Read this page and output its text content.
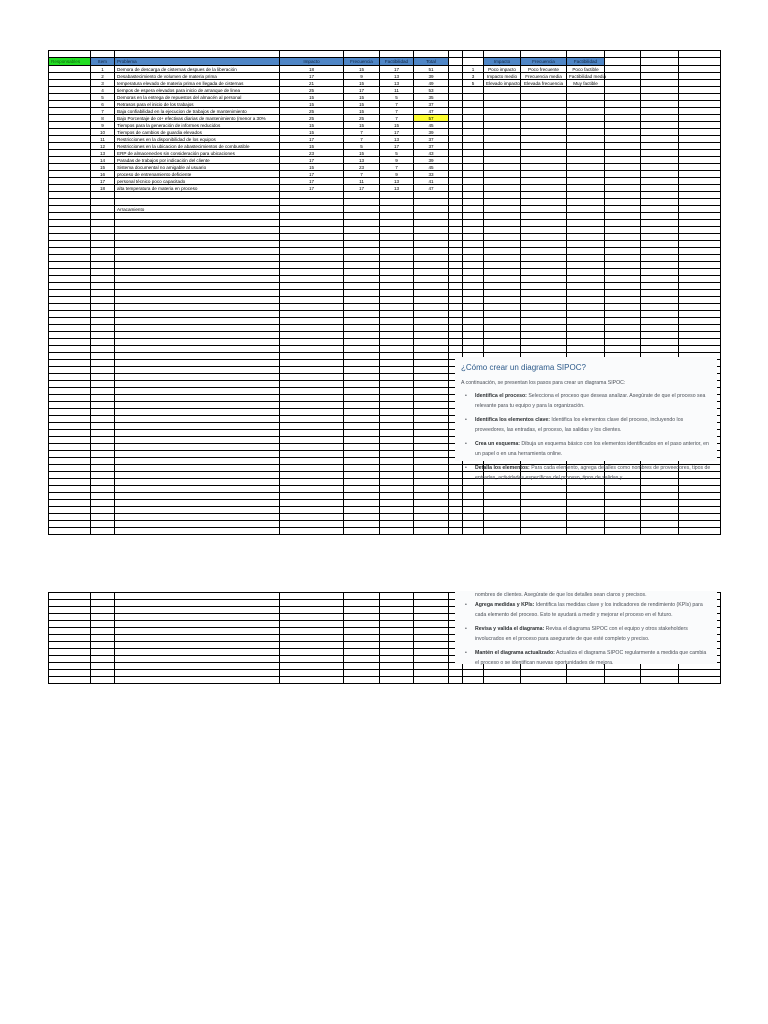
Responsables	Item	Problema	Impacto	Frecuencia	Factibilidad	Total			Impacto	Frecuencia	Factibilidad			
	1	Demora de descarga de cisternas despues de la liberación	18	15	17	51		1	Poco impacto	Poco frecuente	Poco factible			
	2	Desabastecimiento de volumen de materia prima	17	9	13	39		3	Impacto medio	Frecuencia media	Factibilidad media			
	3	temperatura elevado de materia prima en llegada de cisternas	21	15	13	49		5	Elevado impacto	Elevada frecuencia	Muy factible			
	4	tiempos de espera elevados para inicio de arranque de linea	25	17	11	53								
	5	Demoras en la entrega de repuestos del almacén al personal	15	15	5	35								
	6	Retrasos para el inicio de los trabajos	15	15	7	37								
	7	Baja confiabilidad en la ejecucion de trabajos de mantenimiento	25	15	7	47								
	8	Bajo Porcentaje de ot+ efectivas diarias de mantenimiento (menor a 30%	25	25	7	57								
	9	Tiempos para la generación de informes reducidos	15	15	15	45								
	10	Tiempos de cambios de guardia elevados	15	7	17	39								
	11	Restricciones en la disponibilidad de los equipos	17	7	13	37								
	12	Restricciones en la ubicacion de abastecimientos de combustible	15	5	17	37								
	13	ERP de almacenecles sin consideración para ubicaciones	23	15	5	43								
	14	Paradas de trabajos por indicación del cliente	17	13	9	39								
	15	Sistema documental no amigable al usuario	15	23	7	45								
	16	proceso de entrenamiento deficiente	17	7	9	33								
	17	personal técnico poco capacitado	17	11	13	41								
	18	alta temperatura de materia en proceso	17	17	13	47								

		Arracamiento												

¿Cómo crear un diagrama SIPOC?
A continuación, se presentan los pasos para crear un diagrama SIPOC:
• Identifica el proceso: Selecciona el proceso que deseas analizar. Asegúrate de que el proceso sea relevante para tu equipo y para la organización.
• Identifica los elementos clave: Identifica los elementos clave del proceso, incluyendo los proveedores, las entradas, el proceso, las salidas y los clientes.
• Crea un esquema: Dibuja un esquema básico con los elementos identificados en el paso anterior, en un papel o en una herramienta online.
• Detalla los elementos: Para cada elemento, agrega detalles como nombres de proveedores, tipos de entradas, actividades específicas del proceso, tipos de salidas y
nombres de clientes. Asegúrate de que los detalles sean claros y precisos.
• Agrega medidas y KPIs: Identifica las medidas clave y los indicadores de rendimiento (KPIs) para cada elemento del proceso. Esto te ayudará a medir y mejorar el proceso en el futuro.
• Revisa y valida el diagrama: Revisa el diagrama SIPOC con el equipo y otros stakeholders involucrados en el proceso para asegurarte de que esté completo y preciso.
• Mantén el diagrama actualizado: Actualiza el diagrama SIPOC regularmente a medida que cambia el proceso o se identifican nuevas oportunidades de mejora.
